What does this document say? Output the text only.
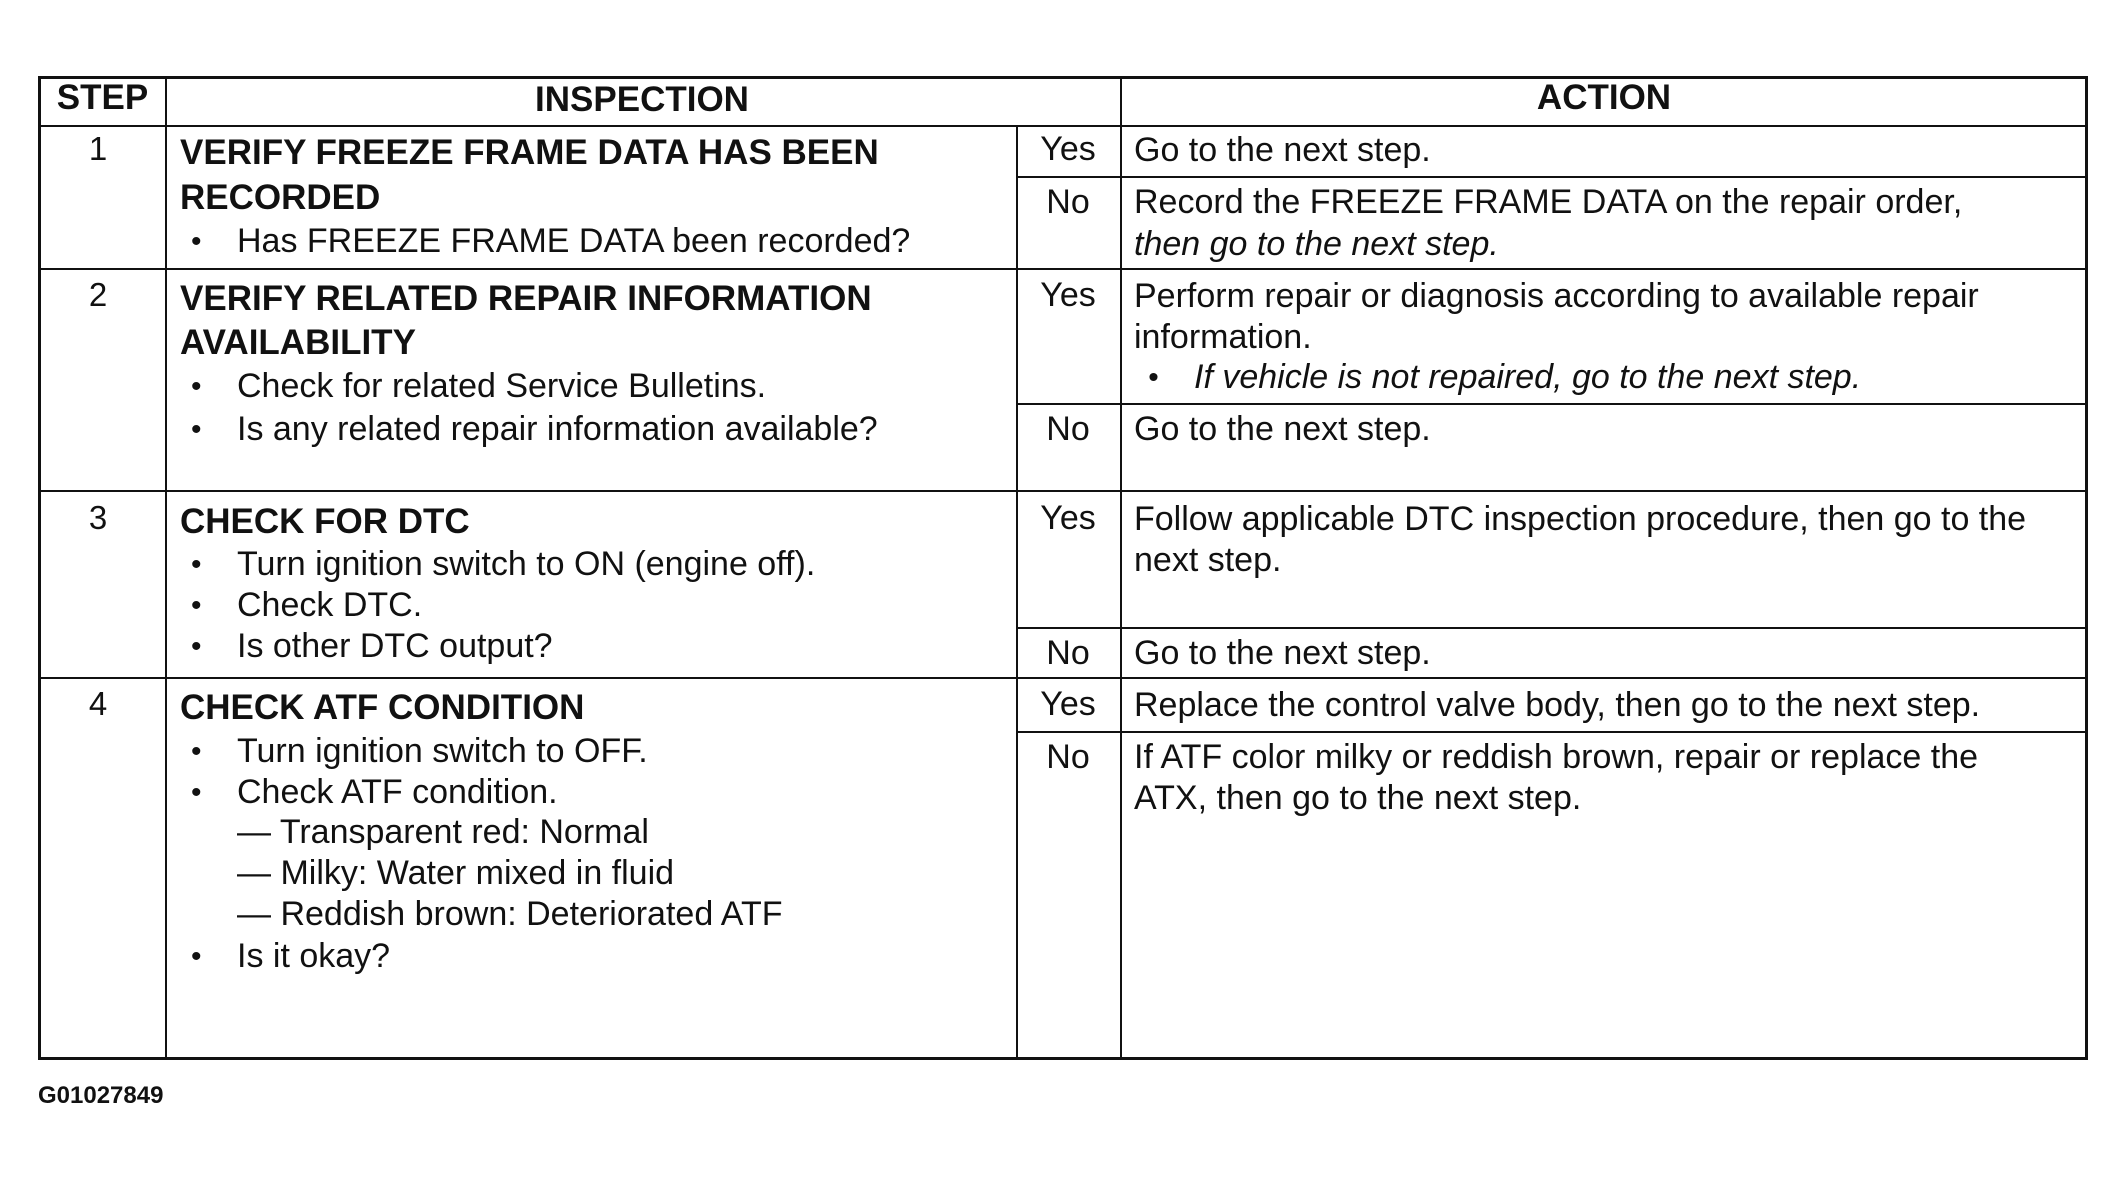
STEP	INSPECTION	ACTION
1	VERIFY FREEZE FRAME DATA HAS BEEN
RECORDED
• Has FREEZE FRAME DATA been recorded?
Yes	Go to the next step.
No	Record the FREEZE FRAME DATA on the repair order,
then go to the next step.
2	VERIFY RELATED REPAIR INFORMATION
AVAILABILITY
• Check for related Service Bulletins.
• Is any related repair information available?
Yes	Perform repair or diagnosis according to available repair
information.
• If vehicle is not repaired, go to the next step.
No	Go to the next step.
3	CHECK FOR DTC
• Turn ignition switch to ON (engine off).
• Check DTC.
• Is other DTC output?
Yes	Follow applicable DTC inspection procedure, then go to the
next step.
No	Go to the next step.
4	CHECK ATF CONDITION
• Turn ignition switch to OFF.
• Check ATF condition.
— Transparent red: Normal
— Milky: Water mixed in fluid
— Reddish brown: Deteriorated ATF
• Is it okay?
Yes	Replace the control valve body, then go to the next step.
No	If ATF color milky or reddish brown, repair or replace the
ATX, then go to the next step.
G01027849
